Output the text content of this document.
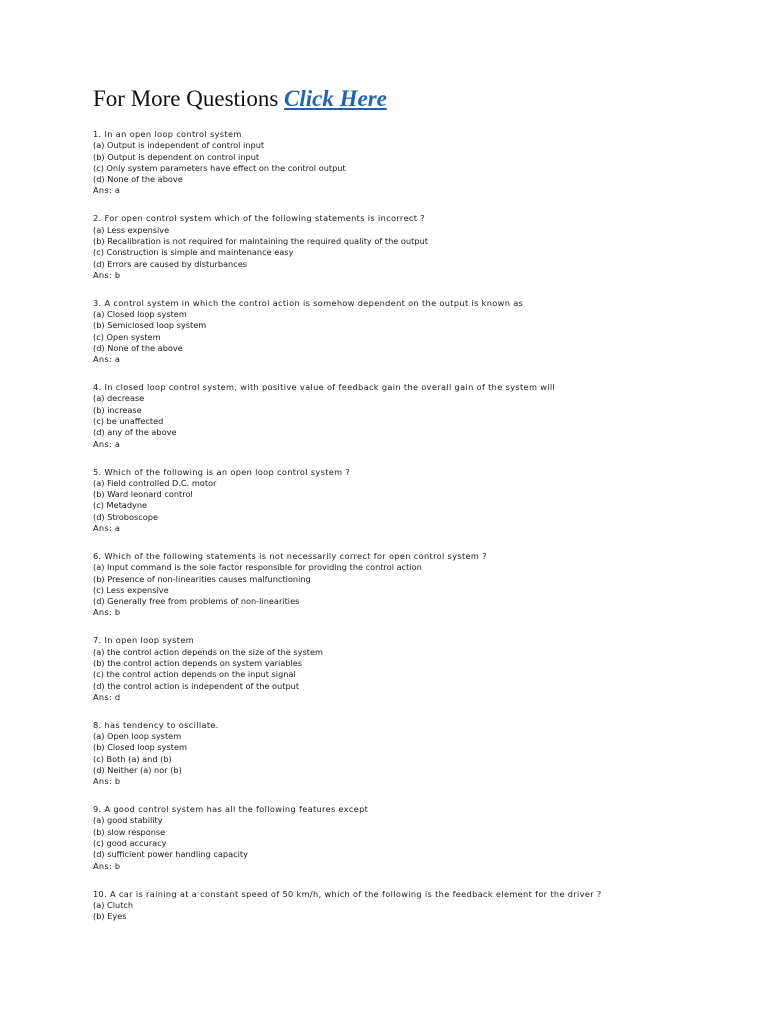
For More Questions Click Here
1. In an open loop control system
(a) Output is independent of control input
(b) Output is dependent on control input
(c) Only system parameters have effect on the control output
(d) None of the above
Ans: a
2. For open control system which of the following statements is incorrect ?
(a) Less expensive
(b) Recalibration is not required for maintaining the required quality of the output
(c) Construction is simple and maintenance easy
(d) Errors are caused by disturbances
Ans: b
3. A control system in which the control action is somehow dependent on the output is known as
(a) Closed loop system
(b) Semiclosed loop system
(c) Open system
(d) None of the above
Ans: a
4. In closed loop control system, with positive value of feedback gain the overall gain of the system will
(a) decrease
(b) increase
(c) be unaffected
(d) any of the above
Ans: a
5. Which of the following is an open loop control system ?
(a) Field controlled D.C. motor
(b) Ward leonard control
(c) Metadyne
(d) Stroboscope
Ans: a
6. Which of the following statements is not necessarily correct for open control system ?
(a) Input command is the sole factor responsible for providing the control action
(b) Presence of non-linearities causes malfunctioning
(c) Less expensive
(d) Generally free from problems of non-linearities
Ans: b
7. In open loop system
(a) the control action depends on the size of the system
(b) the control action depends on system variables
(c) the control action depends on the input signal
(d) the control action is independent of the output
Ans: d
8. has tendency to oscillate.
(a) Open loop system
(b) Closed loop system
(c) Both (a) and (b)
(d) Neither (a) nor (b)
Ans: b
9. A good control system has all the following features except
(a) good stability
(b) slow response
(c) good accuracy
(d) sufficient power handling capacity
Ans: b
10. A car is raining at a constant speed of 50 km/h, which of the following is the feedback element for the driver ?
(a) Clutch
(b) Eyes
